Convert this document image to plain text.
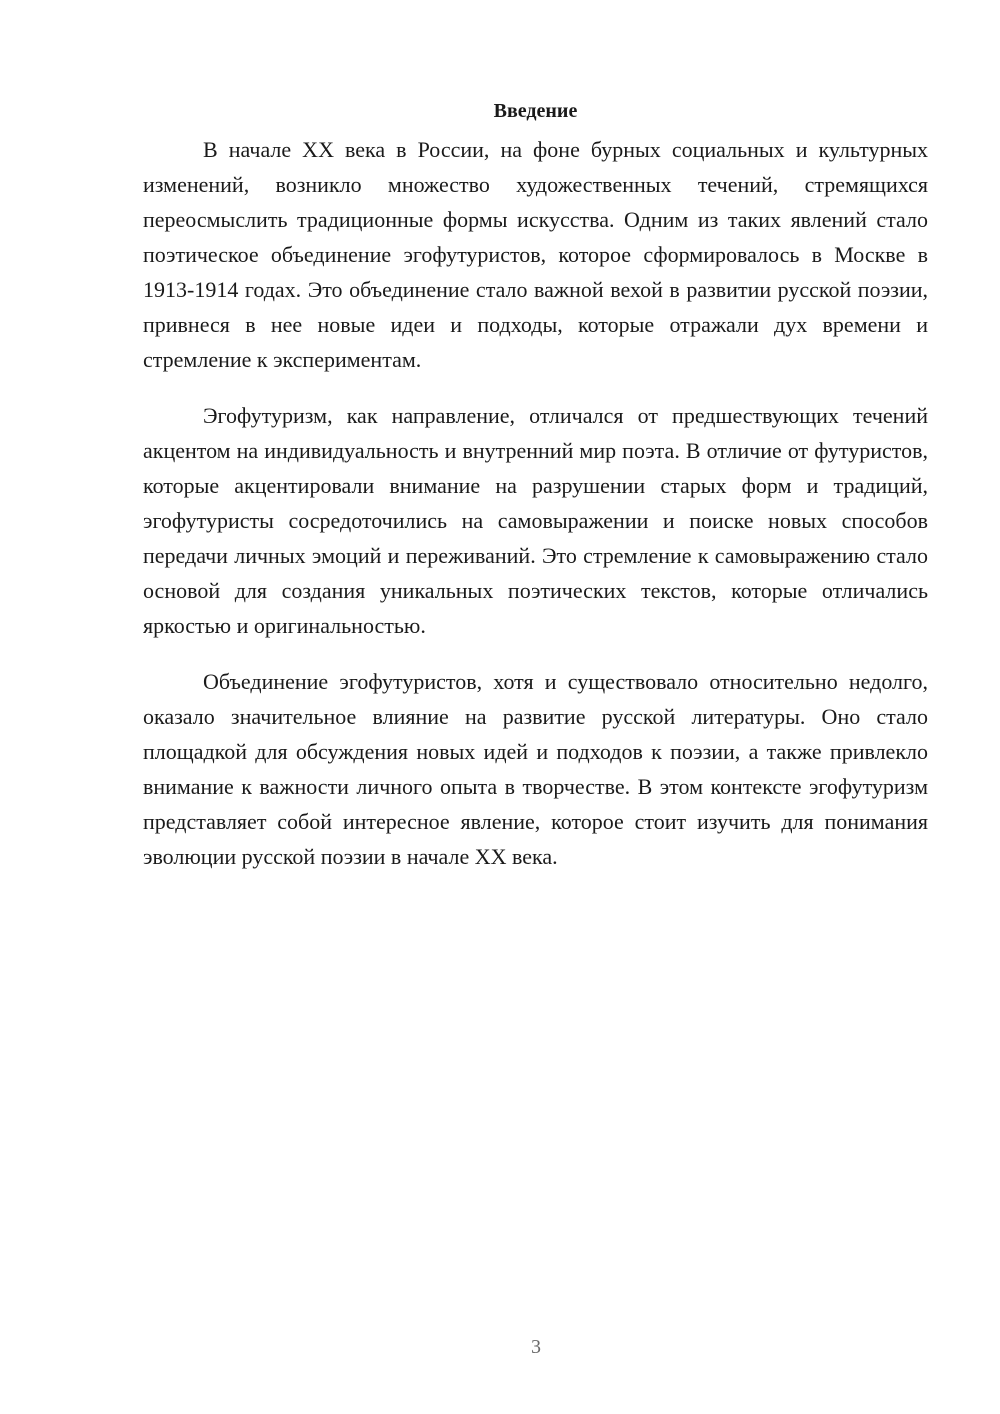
Введение

В начале XX века в России, на фоне бурных социальных и культурных изменений, возникло множество художественных течений, стремящихся переосмыслить традиционные формы искусства. Одним из таких явлений стало поэтическое объединение эгофутуристов, которое сформировалось в Москве в 1913-1914 годах. Это объединение стало важной вехой в развитии русской поэзии, привнеся в нее новые идеи и подходы, которые отражали дух времени и стремление к экспериментам.

Эгофутуризм, как направление, отличался от предшествующих течений акцентом на индивидуальность и внутренний мир поэта. В отличие от футуристов, которые акцентировали внимание на разрушении старых форм и традиций, эгофутуристы сосредоточились на самовыражении и поиске новых способов передачи личных эмоций и переживаний. Это стремление к самовыражению стало основой для создания уникальных поэтических текстов, которые отличались яркостью и оригинальностью.

Объединение эгофутуристов, хотя и существовало относительно недолго, оказало значительное влияние на развитие русской литературы. Оно стало площадкой для обсуждения новых идей и подходов к поэзии, а также привлекло внимание к важности личного опыта в творчестве. В этом контексте эгофутуризм представляет собой интересное явление, которое стоит изучить для понимания эволюции русской поэзии в начале XX века.

3
